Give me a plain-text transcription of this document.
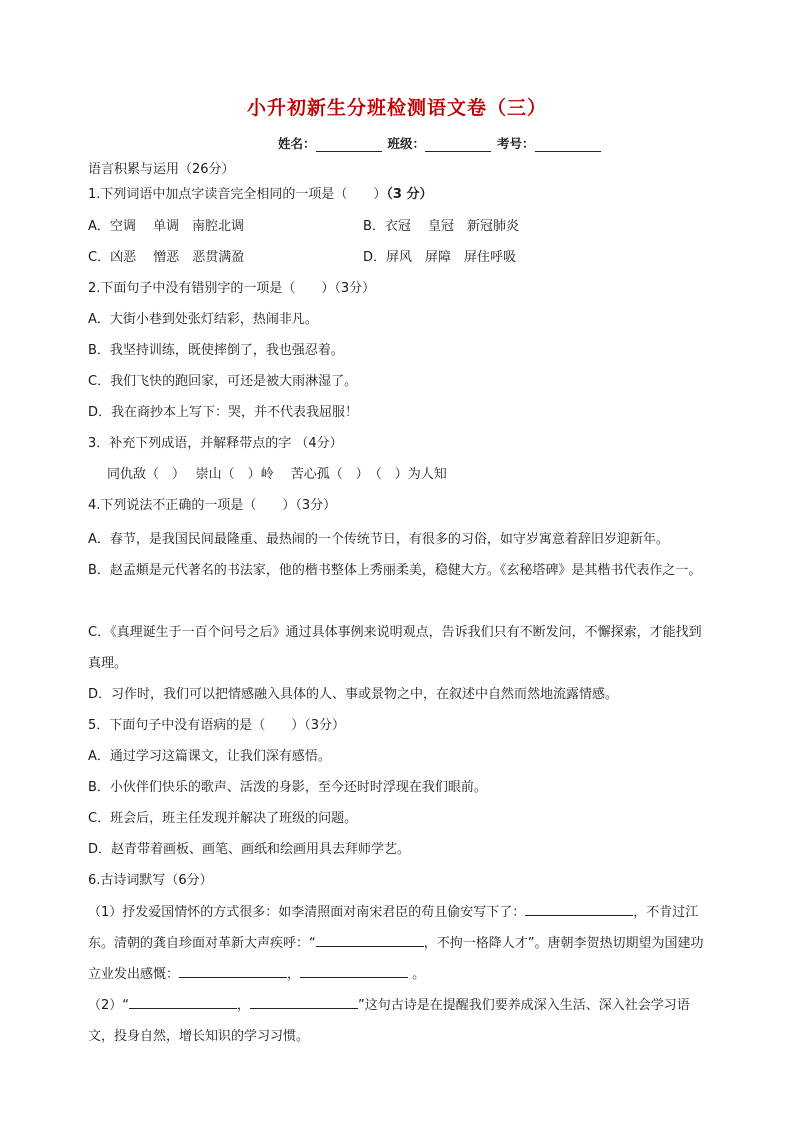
小升初新生分班检测语文卷（三）
姓名：	班级：	考号：
语言积累与运用（26分）
1.下列词语中加点字读音完全相同的一项是（　　）（3 分）
A．空调　 单调　南腔北调	B．衣冠　 皇冠　新冠肺炎
C．凶恶　 憎恶　恶贯满盈	D．屏风　屏障　屏住呼吸
2.下面句子中没有错别字的一项是（　　）（3分）
A．大街小巷到处张灯结彩，热闹非凡。
B．我坚持训练，既使摔倒了，我也强忍着。
C．我们飞快的跑回家，可还是被大雨淋湿了。
D．我在商抄本上写下：哭，并不代表我屈服！
3．补充下列成语，并解释带点的字 （4分）
同仇敌（　）　 崇山（　）岭　 苦心孤（　）　（　）为人知
4.下列说法不正确的一项是（　　）（3分）
A．春节，是我国民间最隆重、最热闹的一个传统节日，有很多的习俗，如守岁寓意着辞旧岁迎新年。
B．赵孟頫是元代著名的书法家，他的楷书整体上秀丽柔美，稳健大方。《玄秘塔碑》是其楷书代表作之一。
C．《真理诞生于一百个问号之后》通过具体事例来说明观点，告诉我们只有不断发问，不懈探索，才能找到真理。
D．习作时，我们可以把情感融入具体的人、事或景物之中，在叙述中自然而然地流露情感。
5．下面句子中没有语病的是（　　）（3分）
A．通过学习这篇课文，让我们深有感悟。
B．小伙伴们快乐的歌声、活泼的身影，至今还时时浮现在我们眼前。
C．班会后，班主任发现并解决了班级的问题。
D．赵青带着画板、画笔、画纸和绘画用具去拜师学艺。
6.古诗词默写（6分）
（1）抒发爱国情怀的方式很多：如李清照面对南宋君臣的苟且偷安写下了：	，不肯过江东。清朝的龚自珍面对革新大声疾呼：“	，不拘一格降人才”。唐朝李贺热切期望为国建功立业发出感慨：	，	。
（2）“	，	”这句古诗是在提醒我们要养成深入生活、深入社会学习语文，投身自然，增长知识的学习习惯。
